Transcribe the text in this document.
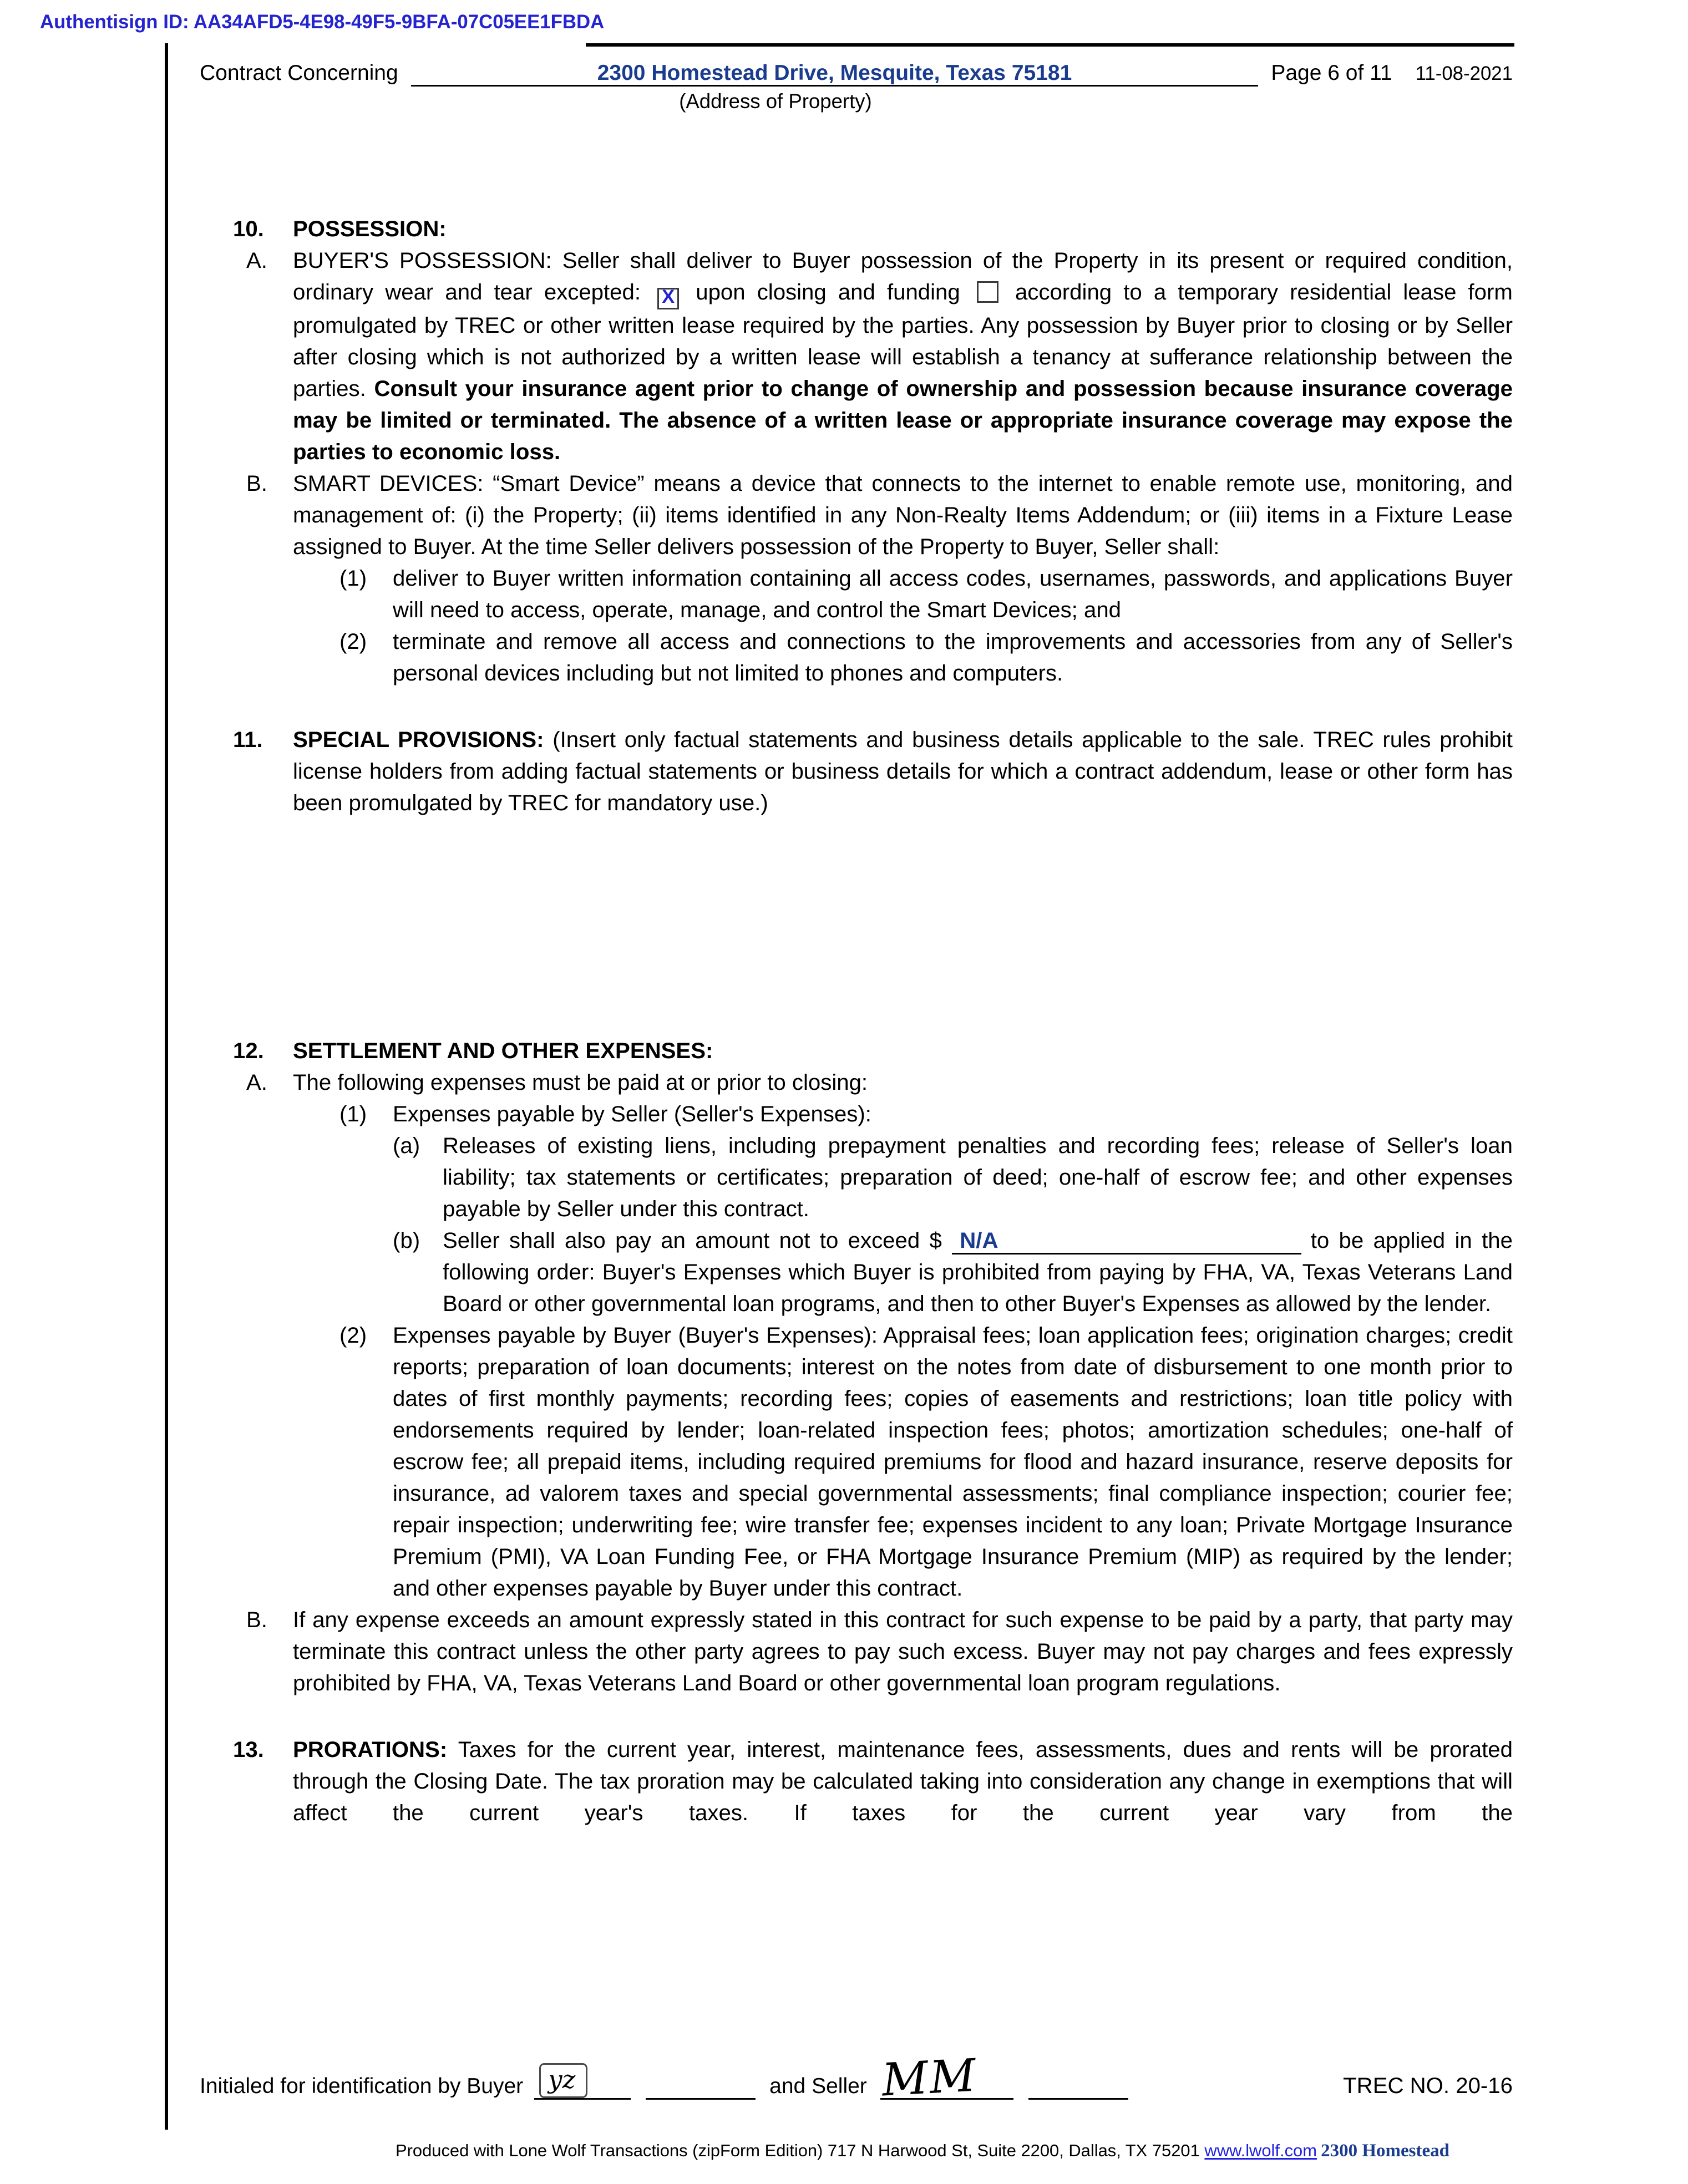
Authentisign ID: AA34AFD5-4E98-49F5-9BFA-07C05EE1FBDA
Contract Concerning	2300 Homestead Drive, Mesquite, Texas 75181	Page 6 of 11	11-08-2021
(Address of Property)
10.	POSSESSION:
A.	BUYER'S POSSESSION: Seller shall deliver to Buyer possession of the Property in its present or required condition, ordinary wear and tear excepted:	X	upon closing and funding	according to a temporary residential lease form promulgated by TREC or other written lease required by the parties. Any possession by Buyer prior to closing or by Seller after closing which is not authorized by a written lease will establish a tenancy at sufferance relationship between the parties. Consult your insurance agent prior to change of ownership and possession because insurance coverage may be limited or terminated. The absence of a written lease or appropriate insurance coverage may expose the parties to economic loss.
B.	SMART DEVICES: “Smart Device” means a device that connects to the internet to enable remote use, monitoring, and management of: (i) the Property; (ii) items identified in any Non-Realty Items Addendum; or (iii) items in a Fixture Lease assigned to Buyer. At the time Seller delivers possession of the Property to Buyer, Seller shall:
(1)	deliver to Buyer written information containing all access codes, usernames, passwords, and applications Buyer will need to access, operate, manage, and control the Smart Devices; and
(2)	terminate and remove all access and connections to the improvements and accessories from any of Seller's personal devices including but not limited to phones and computers.
11.	SPECIAL PROVISIONS: (Insert only factual statements and business details applicable to the sale. TREC rules prohibit license holders from adding factual statements or business details for which a contract addendum, lease or other form has been promulgated by TREC for mandatory use.)
12.	SETTLEMENT AND OTHER EXPENSES:
A.	The following expenses must be paid at or prior to closing:
(1)	Expenses payable by Seller (Seller's Expenses):
(a)	Releases of existing liens, including prepayment penalties and recording fees; release of Seller's loan liability; tax statements or certificates; preparation of deed; one-half of escrow fee; and other expenses payable by Seller under this contract.
(b)	Seller shall also pay an amount not to exceed $ N/A	to be applied in the following order: Buyer's Expenses which Buyer is prohibited from paying by FHA, VA, Texas Veterans Land Board or other governmental loan programs, and then to other Buyer's Expenses as allowed by the lender.
(2)	Expenses payable by Buyer (Buyer's Expenses): Appraisal fees; loan application fees; origination charges; credit reports; preparation of loan documents; interest on the notes from date of disbursement to one month prior to dates of first monthly payments; recording fees; copies of easements and restrictions; loan title policy with endorsements required by lender; loan-related inspection fees; photos; amortization schedules; one-half of escrow fee; all prepaid items, including required premiums for flood and hazard insurance, reserve deposits for insurance, ad valorem taxes and special governmental assessments; final compliance inspection; courier fee; repair inspection; underwriting fee; wire transfer fee; expenses incident to any loan; Private Mortgage Insurance Premium (PMI), VA Loan Funding Fee, or FHA Mortgage Insurance Premium (MIP) as required by the lender; and other expenses payable by Buyer under this contract.
B.	If any expense exceeds an amount expressly stated in this contract for such expense to be paid by a party, that party may terminate this contract unless the other party agrees to pay such excess. Buyer may not pay charges and fees expressly prohibited by FHA, VA, Texas Veterans Land Board or other governmental loan program regulations.
13.	PRORATIONS: Taxes for the current year, interest, maintenance fees, assessments, dues and rents will be prorated through the Closing Date. The tax proration may be calculated taking into consideration any change in exemptions that will affect the current year's taxes. If taxes for the current year vary from the
Initialed for identification by Buyer	yz	and Seller MM	TREC NO. 20-16
Produced with Lone Wolf Transactions (zipForm Edition) 717 N Harwood St, Suite 2200, Dallas, TX 75201 www.lwolf.com 2300 Homestead
